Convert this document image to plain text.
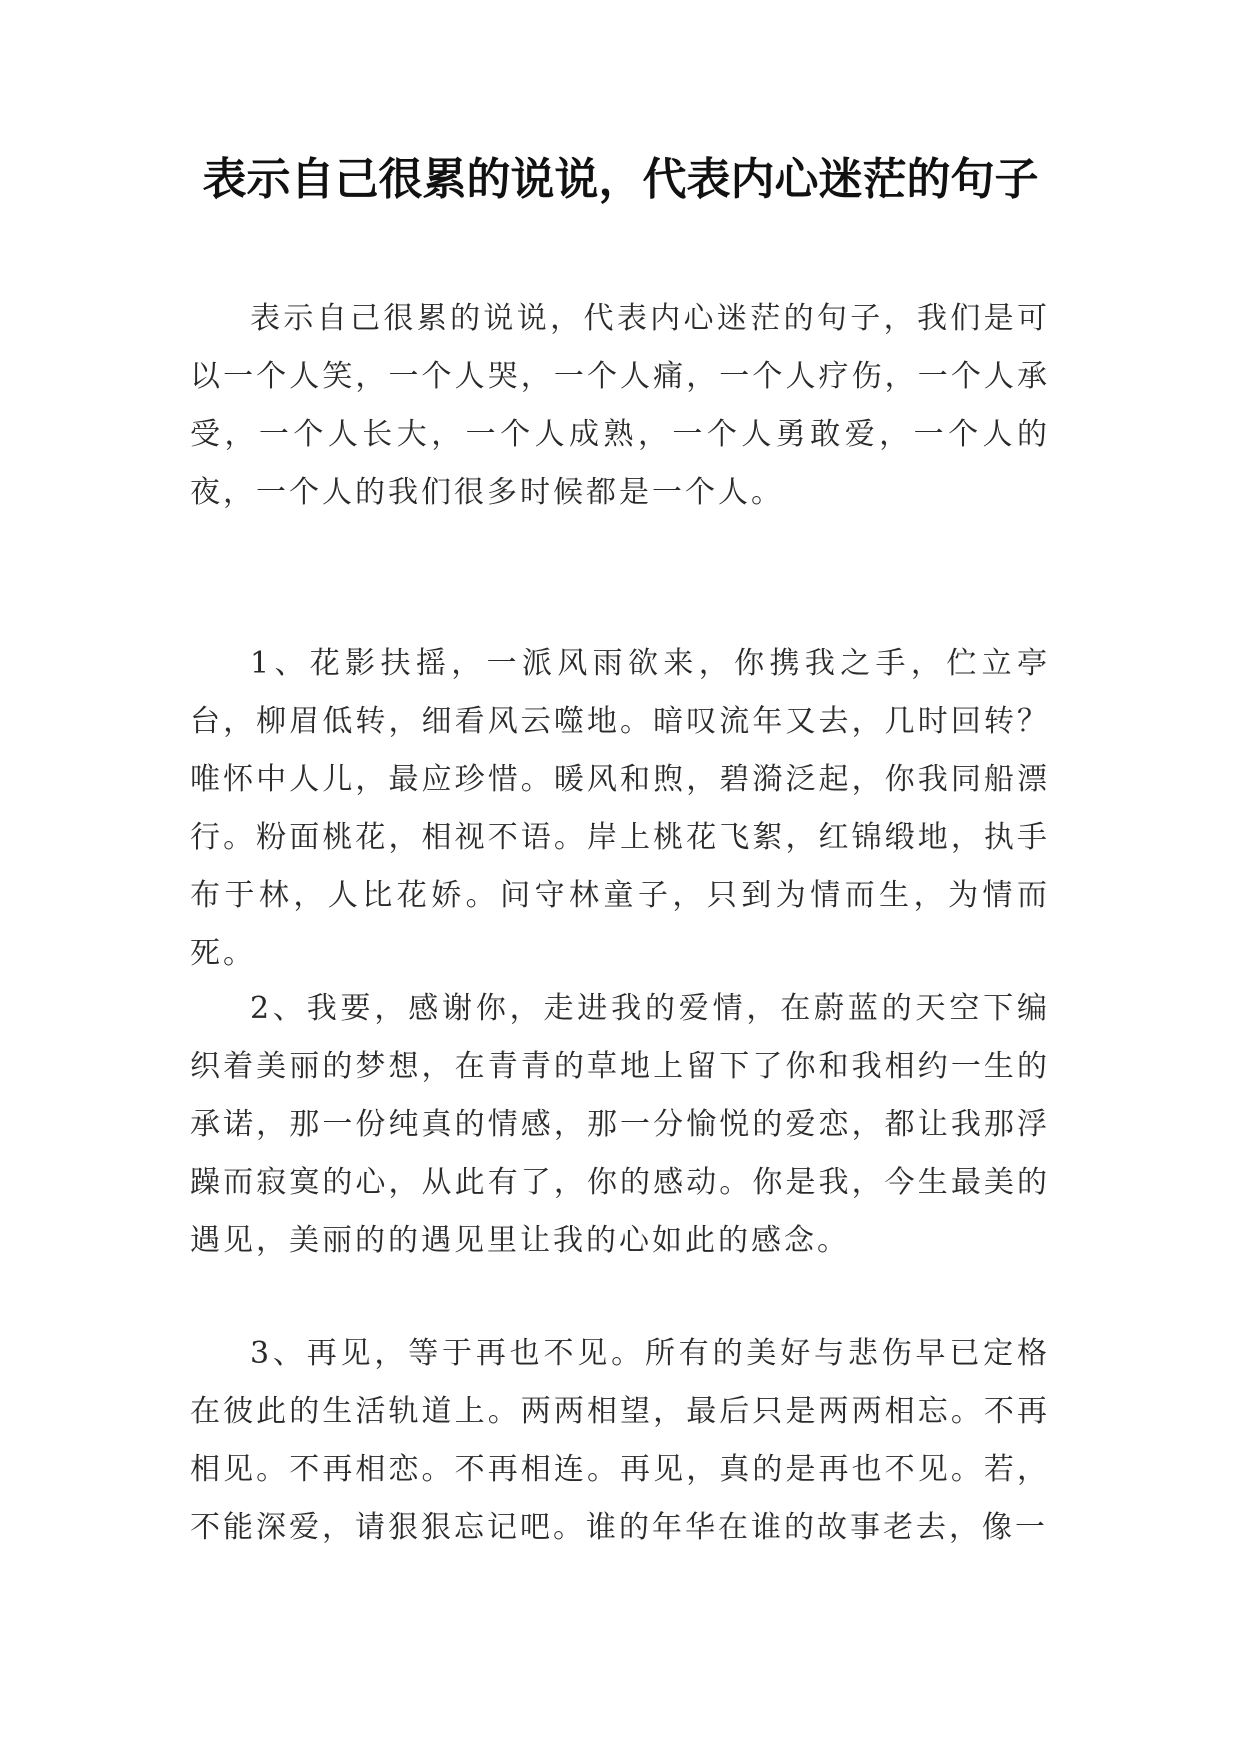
表示自己很累的说说，代表内心迷茫的句子

表示自己很累的说说，代表内心迷茫的句子，我们是可以一个人笑，一个人哭，一个人痛，一个人疗伤，一个人承受，一个人长大，一个人成熟，一个人勇敢爱，一个人的夜，一个人的我们很多时候都是一个人。

1、花影扶摇，一派风雨欲来，你携我之手，伫立亭台，柳眉低转，细看风云噬地。暗叹流年又去，几时回转？唯怀中人儿，最应珍惜。暖风和煦，碧漪泛起，你我同船漂行。粉面桃花，相视不语。岸上桃花飞絮，红锦缎地，执手布于林，人比花娇。问守林童子，只到为情而生，为情而死。

2、我要，感谢你，走进我的爱情，在蔚蓝的天空下编织着美丽的梦想，在青青的草地上留下了你和我相约一生的承诺，那一份纯真的情感，那一分愉悦的爱恋，都让我那浮躁而寂寞的心，从此有了，你的感动。你是我，今生最美的遇见，美丽的的遇见里让我的心如此的感念。

3、再见，等于再也不见。所有的美好与悲伤早已定格在彼此的生活轨道上。两两相望，最后只是两两相忘。不再相见。不再相恋。不再相连。再见，真的是再也不见。若，不能深爱，请狠狠忘记吧。谁的年华在谁的故事老去，像一
